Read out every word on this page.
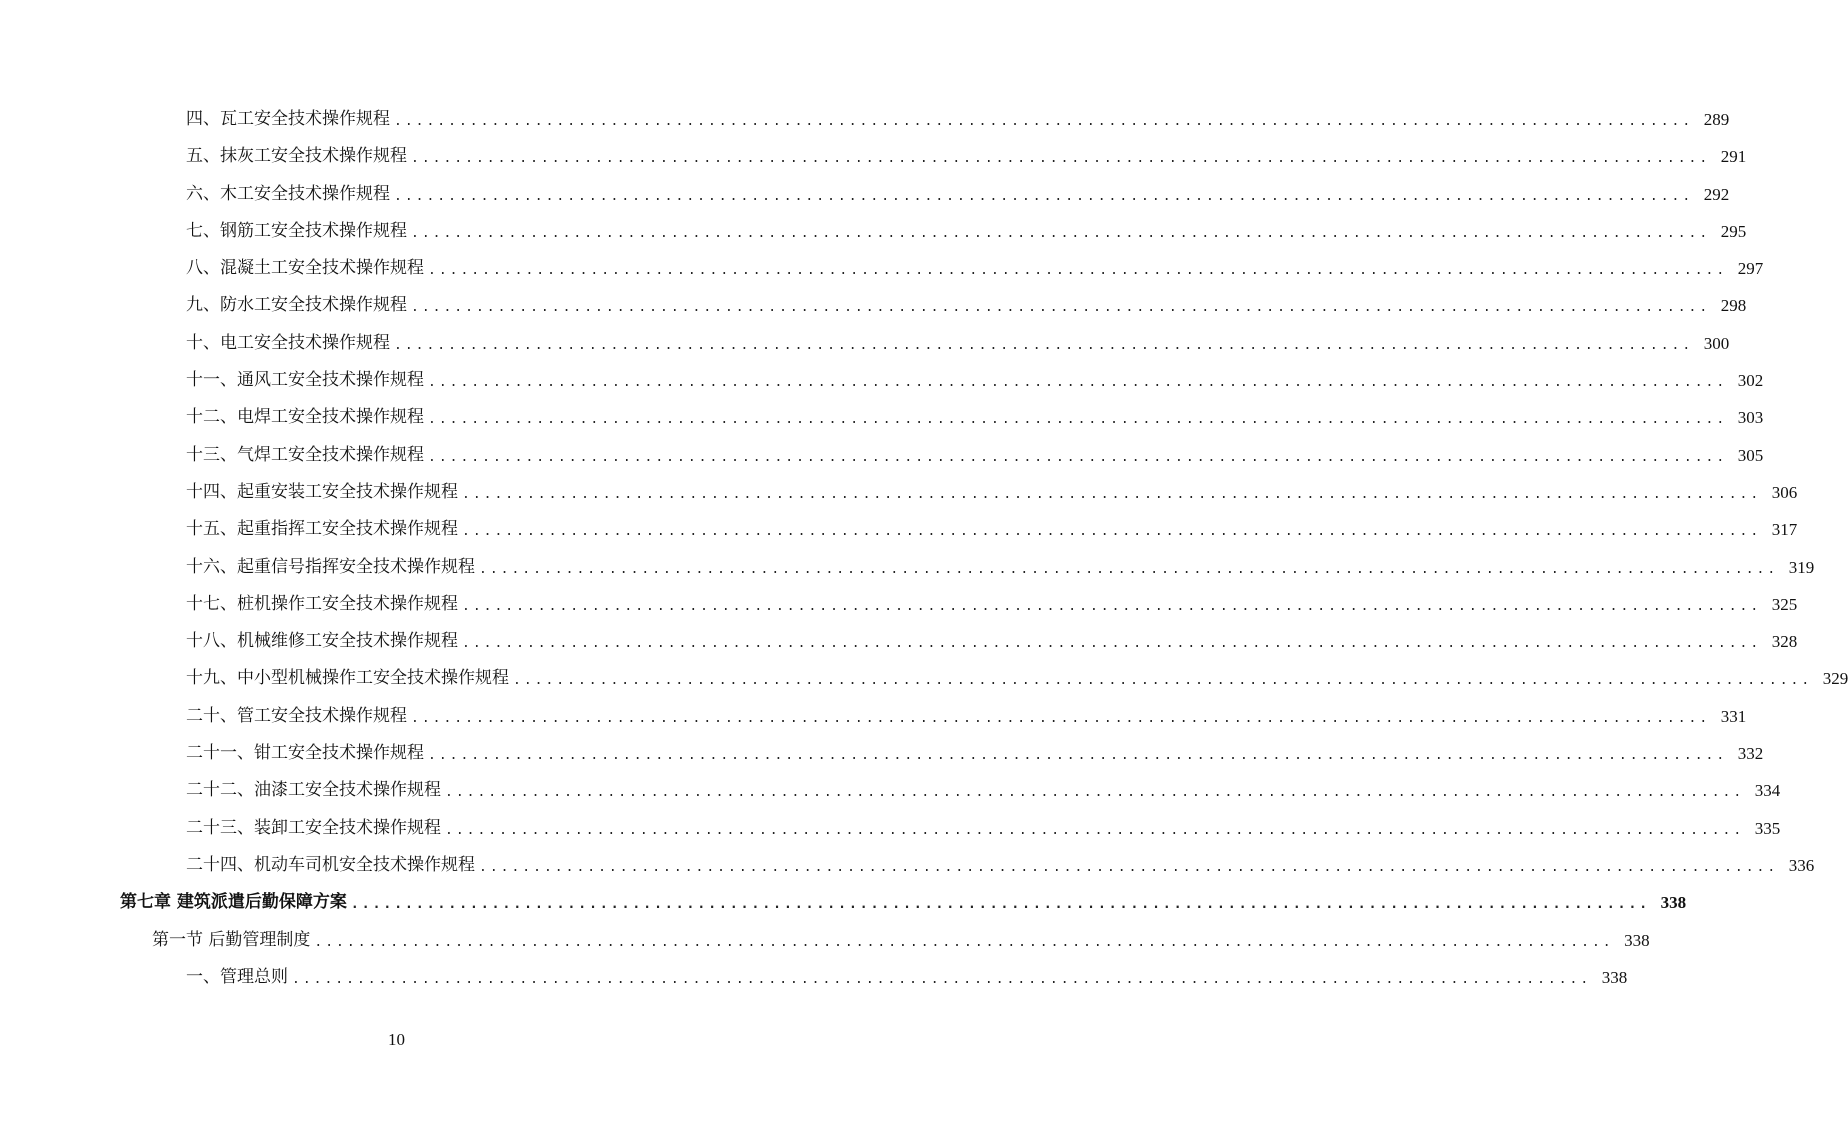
四、瓦工安全技术操作规程 ........................................................................................................................ 289
五、抹灰工安全技术操作规程 ........................................................................................................................ 291
六、木工安全技术操作规程 ........................................................................................................................ 292
七、钢筋工安全技术操作规程 ........................................................................................................................ 295
八、混凝土工安全技术操作规程 ........................................................................................................................ 297
九、防水工安全技术操作规程 ........................................................................................................................ 298
十、电工安全技术操作规程 ........................................................................................................................ 300
十一、通风工安全技术操作规程 ........................................................................................................................ 302
十二、电焊工安全技术操作规程 ........................................................................................................................ 303
十三、气焊工安全技术操作规程 ........................................................................................................................ 305
十四、起重安装工安全技术操作规程 ........................................................................................................................ 306
十五、起重指挥工安全技术操作规程 ........................................................................................................................ 317
十六、起重信号指挥安全技术操作规程 ........................................................................................................................ 319
十七、桩机操作工安全技术操作规程 ........................................................................................................................ 325
十八、机械维修工安全技术操作规程 ........................................................................................................................ 328
十九、中小型机械操作工安全技术操作规程 ........................................................................................................................ 329
二十、管工安全技术操作规程 ........................................................................................................................ 331
二十一、钳工安全技术操作规程 ........................................................................................................................ 332
二十二、油漆工安全技术操作规程 ........................................................................................................................ 334
二十三、装卸工安全技术操作规程 ........................................................................................................................ 335
二十四、机动车司机安全技术操作规程 ........................................................................................................................ 336
第七章 建筑派遣后勤保障方案 ........................................................................................................................ 338
第一节 后勤管理制度 ........................................................................................................................ 338
一、管理总则 ........................................................................................................................ 338
10
